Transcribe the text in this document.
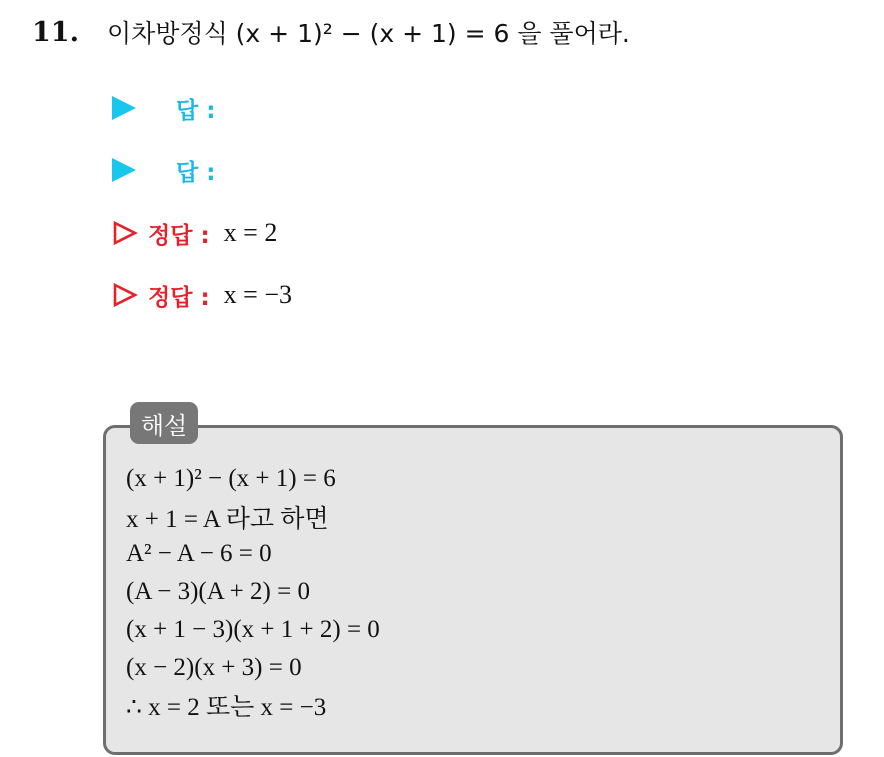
11. 이차방정식 (x + 1)² − (x + 1) = 6 을 풀어라.
답 :
답 :
정답 : x = 2
정답 : x = −3
해설
(x + 1)² − (x + 1) = 6
x + 1 = A 라고 하면
A² − A − 6 = 0
(A − 3)(A + 2) = 0
(x + 1 − 3)(x + 1 + 2) = 0
(x − 2)(x + 3) = 0
∴ x = 2 또는 x = −3
